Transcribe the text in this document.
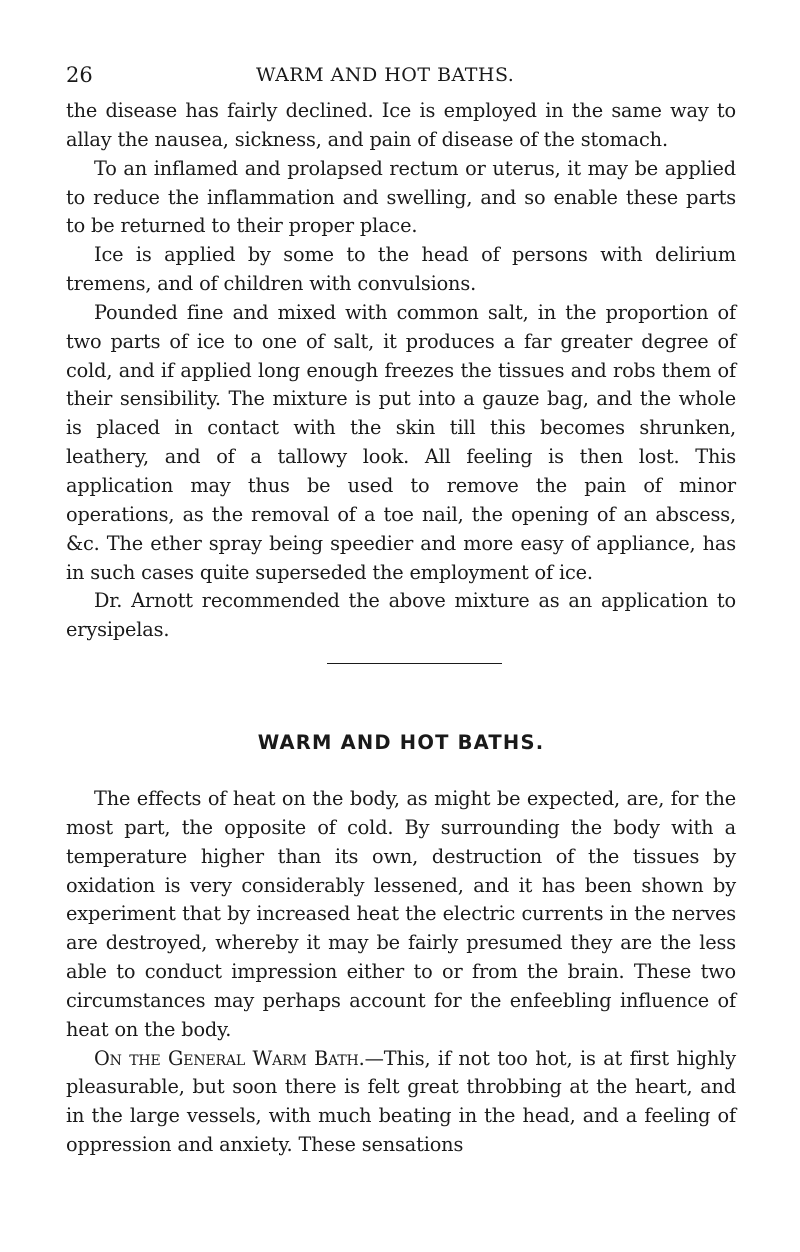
26	WARM AND HOT BATHS.

the disease has fairly declined. Ice is employed in the same way to allay the nausea, sickness, and pain of disease of the stomach.

To an inflamed and prolapsed rectum or uterus, it may be applied to reduce the inflammation and swelling, and so enable these parts to be returned to their proper place.

Ice is applied by some to the head of persons with delirium tremens, and of children with convulsions.

Pounded fine and mixed with common salt, in the proportion of two parts of ice to one of salt, it produces a far greater degree of cold, and if applied long enough freezes the tissues and robs them of their sensibility. The mixture is put into a gauze bag, and the whole is placed in contact with the skin till this becomes shrunken, leathery, and of a tallowy look. All feeling is then lost. This application may thus be used to remove the pain of minor operations, as the removal of a toe nail, the opening of an abscess, &c. The ether spray being speedier and more easy of appliance, has in such cases quite superseded the employment of ice.

Dr. Arnott recommended the above mixture as an application to erysipelas.

WARM AND HOT BATHS.

The effects of heat on the body, as might be expected, are, for the most part, the opposite of cold. By surrounding the body with a temperature higher than its own, destruction of the tissues by oxidation is very considerably lessened, and it has been shown by experiment that by increased heat the electric currents in the nerves are destroyed, whereby it may be fairly presumed they are the less able to conduct impression either to or from the brain. These two circumstances may perhaps account for the enfeebling influence of heat on the body.

On the General Warm Bath.—This, if not too hot, is at first highly pleasurable, but soon there is felt great throbbing at the heart, and in the large vessels, with much beating in the head, and a feeling of oppression and anxiety. These sensations
